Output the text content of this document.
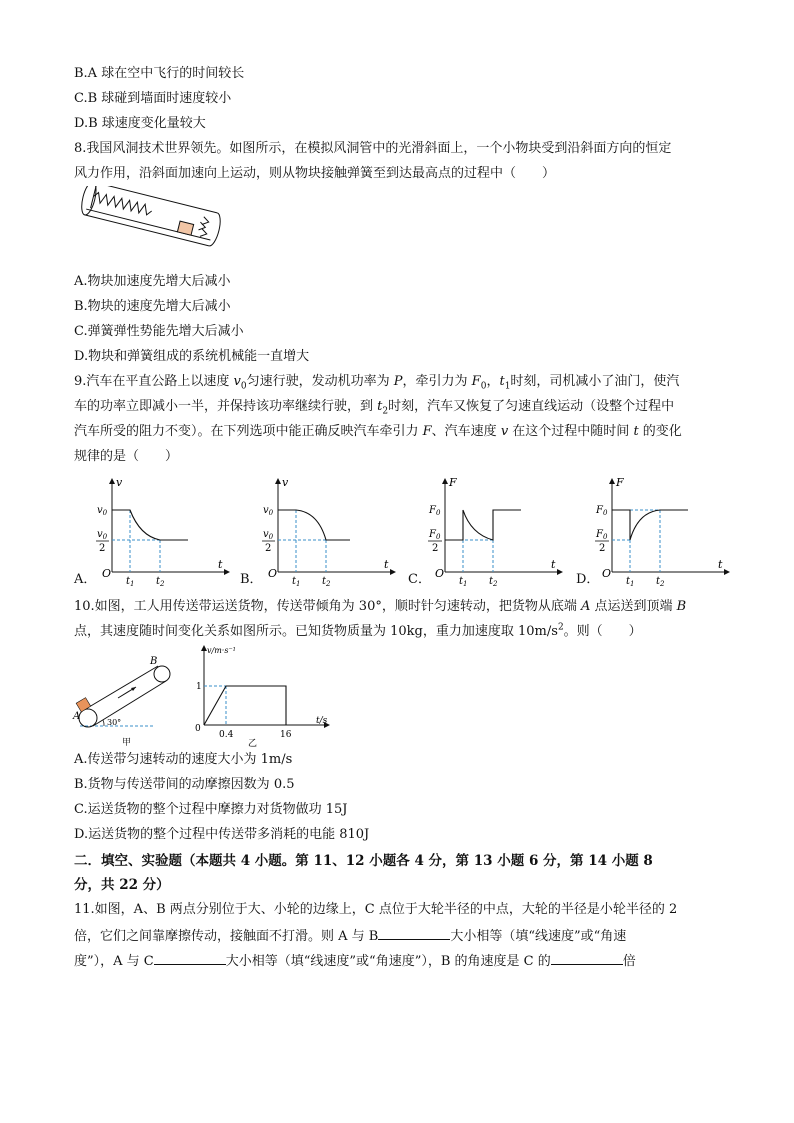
B.A 球在空中飞行的时间较长
C.B 球碰到墙面时速度较小
D.B 球速度变化量较大
8.我国风洞技术世界领先。如图所示，在模拟风洞管中的光滑斜面上，一个小物块受到沿斜面方向的恒定
风力作用，沿斜面加速向上运动，则从物块接触弹簧至到达最高点的过程中（　　）
A.物块加速度先增大后减小
B.物块的速度先增大后减小
C.弹簧弹性势能先增大后减小
D.物块和弹簧组成的系统机械能一直增大
9.汽车在平直公路上以速度 $v_0$匀速行驶，发动机功率为 P，牵引力为 $F_0$，$t_1$时刻，司机减小了油门，使汽
车的功率立即减小一半，并保持该功率继续行驶，到 $t_2$时刻，汽车又恢复了匀速直线运动（设整个过程中
汽车所受的阻力不变）。在下列选项中能正确反映汽车牵引力 F、汽车速度 v 在这个过程中随时间 t 的变化
规律的是（　　）
A．	B．	C．	D．
v
t
O
$v_0$
$v_0$
2
$t_1$ $t_2$
v
t
O
$v_0$
$v_0$
2
$t_1$ $t_2$
F
t
O
$F_0$
$F_0$
2
$t_1$ $t_2$
F
t
O
$F_0$
$F_0$
2
$t_1$ $t_2$
10.如图，工人用传送带运送货物，传送带倾角为 30°，顺时针匀速转动，把货物从底端 A 点运送到顶端 B
点，其速度随时间变化关系如图所示。已知货物质量为 10kg，重力加速度取 $10m/s^2$。则（　　）
A
B
30°
甲
v/m·s⁻¹
t/s
1
0
0.4	16
乙
A.传送带匀速转动的速度大小为 1m/s
B.货物与传送带间的动摩擦因数为 0.5
C.运送货物的整个过程中摩擦力对货物做功 15J
D.运送货物的整个过程中传送带多消耗的电能 810J
二．填空、实验题（本题共 4 小题。第 11、12 小题各 4 分，第 13 小题 6 分，第 14 小题 8
分，共 22 分）
11.如图，A、B 两点分别位于大、小轮的边缘上，C 点位于大轮半径的中点，大轮的半径是小轮半径的 2
倍，它们之间靠摩擦传动，接触面不打滑。则 A 与 B	大小相等（填“线速度”或“角速
度”），A 与 C	大小相等（填“线速度”或“角速度”），B 的角速度是 C 的	倍
